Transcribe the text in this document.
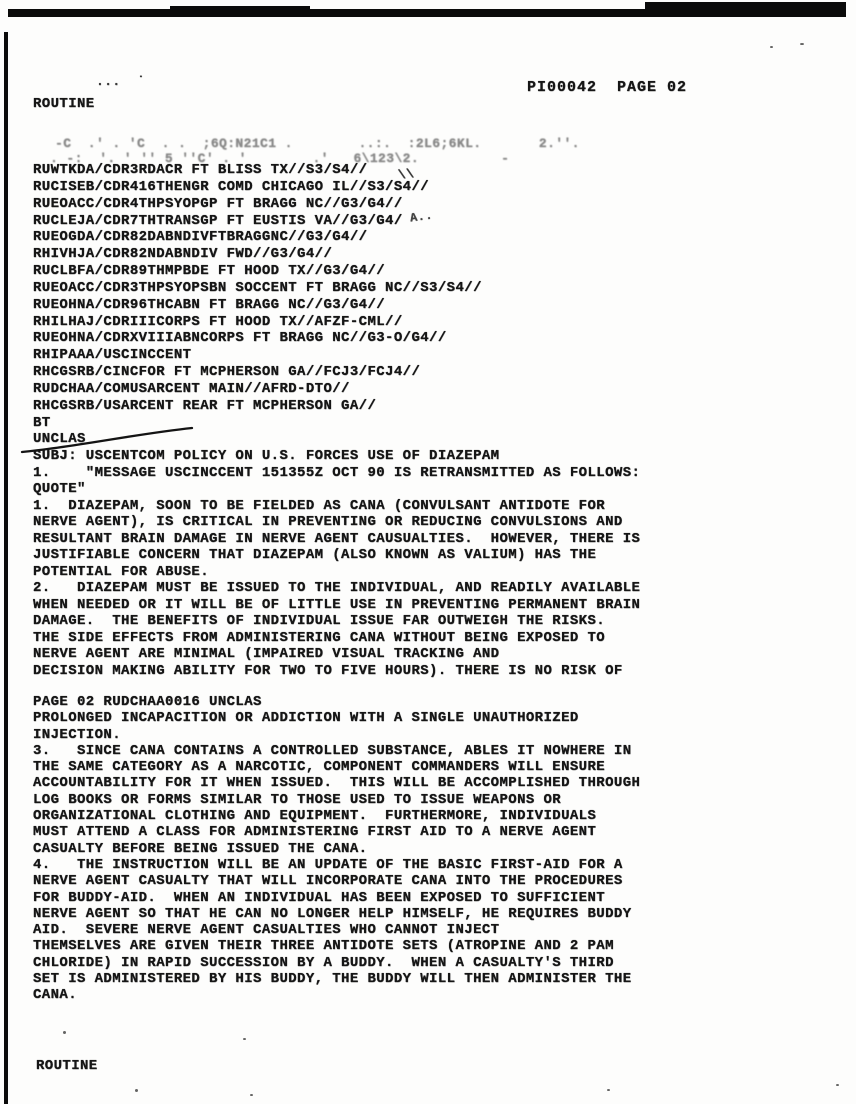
...  ˙	PI00042  PAGE 02
ROUTINE
-C  .' . 'C  . .  ;6Q:N21C1 .        ..:.  :2L6;6KL.       2.''.
. -:  '. ' '' 5 ''C' . '        .'   6\123\2.          -
RUWTKDA/CDR3RDACR FT BLISS TX//S3/S4//
RUCISEB/CDR416THENGR COMD CHICAGO IL//S3/S4//
RUEOACC/CDR4THPSYOPGP FT BRAGG NC//G3/G4//
RUCLEJA/CDR7THTRANSGP FT EUSTIS VA//G3/G4/
RUEOGDA/CDR82DABNDIVFTBRAGGNC//G3/G4//
RHIVHJA/CDR82NDABNDIV FWD//G3/G4//
RUCLBFA/CDR89THMPBDE FT HOOD TX//G3/G4//
RUEOACC/CDR3THPSYOPSBN SOCCENT FT BRAGG NC//S3/S4//
RUEOHNA/CDR96THCABN FT BRAGG NC//G3/G4//
RHILHAJ/CDRIIICORPS FT HOOD TX//AFZF-CML//
RUEOHNA/CDRXVIIIABNCORPS FT BRAGG NC//G3-O/G4//
RHIPAAA/USCINCCENT
RHCGSRB/CINCFOR FT MCPHERSON GA//FCJ3/FCJ4//
RUDCHAA/COMUSARCENT MAIN//AFRD-DTO//
RHCGSRB/USARCENT REAR FT MCPHERSON GA//
BT
\\
A..
UNCLAS
SUBJ: USCENTCOM POLICY ON U.S. FORCES USE OF DIAZEPAM
1.    "MESSAGE USCINCCENT 151355Z OCT 90 IS RETRANSMITTED AS FOLLOWS:
QUOTE"
1.  DIAZEPAM, SOON TO BE FIELDED AS CANA (CONVULSANT ANTIDOTE FOR
NERVE AGENT), IS CRITICAL IN PREVENTING OR REDUCING CONVULSIONS AND
RESULTANT BRAIN DAMAGE IN NERVE AGENT CAUSUALTIES.  HOWEVER, THERE IS
JUSTIFIABLE CONCERN THAT DIAZEPAM (ALSO KNOWN AS VALIUM) HAS THE
POTENTIAL FOR ABUSE.
2.   DIAZEPAM MUST BE ISSUED TO THE INDIVIDUAL, AND READILY AVAILABLE
WHEN NEEDED OR IT WILL BE OF LITTLE USE IN PREVENTING PERMANENT BRAIN
DAMAGE.  THE BENEFITS OF INDIVIDUAL ISSUE FAR OUTWEIGH THE RISKS.
THE SIDE EFFECTS FROM ADMINISTERING CANA WITHOUT BEING EXPOSED TO
NERVE AGENT ARE MINIMAL (IMPAIRED VISUAL TRACKING AND
DECISION MAKING ABILITY FOR TWO TO FIVE HOURS). THERE IS NO RISK OF
PAGE 02 RUDCHAA0016 UNCLAS
PROLONGED INCAPACITION OR ADDICTION WITH A SINGLE UNAUTHORIZED
INJECTION.
3.   SINCE CANA CONTAINS A CONTROLLED SUBSTANCE, ABLES IT NOWHERE IN
THE SAME CATEGORY AS A NARCOTIC, COMPONENT COMMANDERS WILL ENSURE
ACCOUNTABILITY FOR IT WHEN ISSUED.  THIS WILL BE ACCOMPLISHED THROUGH
LOG BOOKS OR FORMS SIMILAR TO THOSE USED TO ISSUE WEAPONS OR
ORGANIZATIONAL CLOTHING AND EQUIPMENT.  FURTHERMORE, INDIVIDUALS
MUST ATTEND A CLASS FOR ADMINISTERING FIRST AID TO A NERVE AGENT
CASUALTY BEFORE BEING ISSUED THE CANA.
4.   THE INSTRUCTION WILL BE AN UPDATE OF THE BASIC FIRST-AID FOR A
NERVE AGENT CASUALTY THAT WILL INCORPORATE CANA INTO THE PROCEDURES
FOR BUDDY-AID.  WHEN AN INDIVIDUAL HAS BEEN EXPOSED TO SUFFICIENT
NERVE AGENT SO THAT HE CAN NO LONGER HELP HIMSELF, HE REQUIRES BUDDY
AID.  SEVERE NERVE AGENT CASUALTIES WHO CANNOT INJECT
THEMSELVES ARE GIVEN THEIR THREE ANTIDOTE SETS (ATROPINE AND 2 PAM
CHLORIDE) IN RAPID SUCCESSION BY A BUDDY.  WHEN A CASUALTY'S THIRD
SET IS ADMINISTERED BY HIS BUDDY, THE BUDDY WILL THEN ADMINISTER THE
CANA.
ROUTINE
